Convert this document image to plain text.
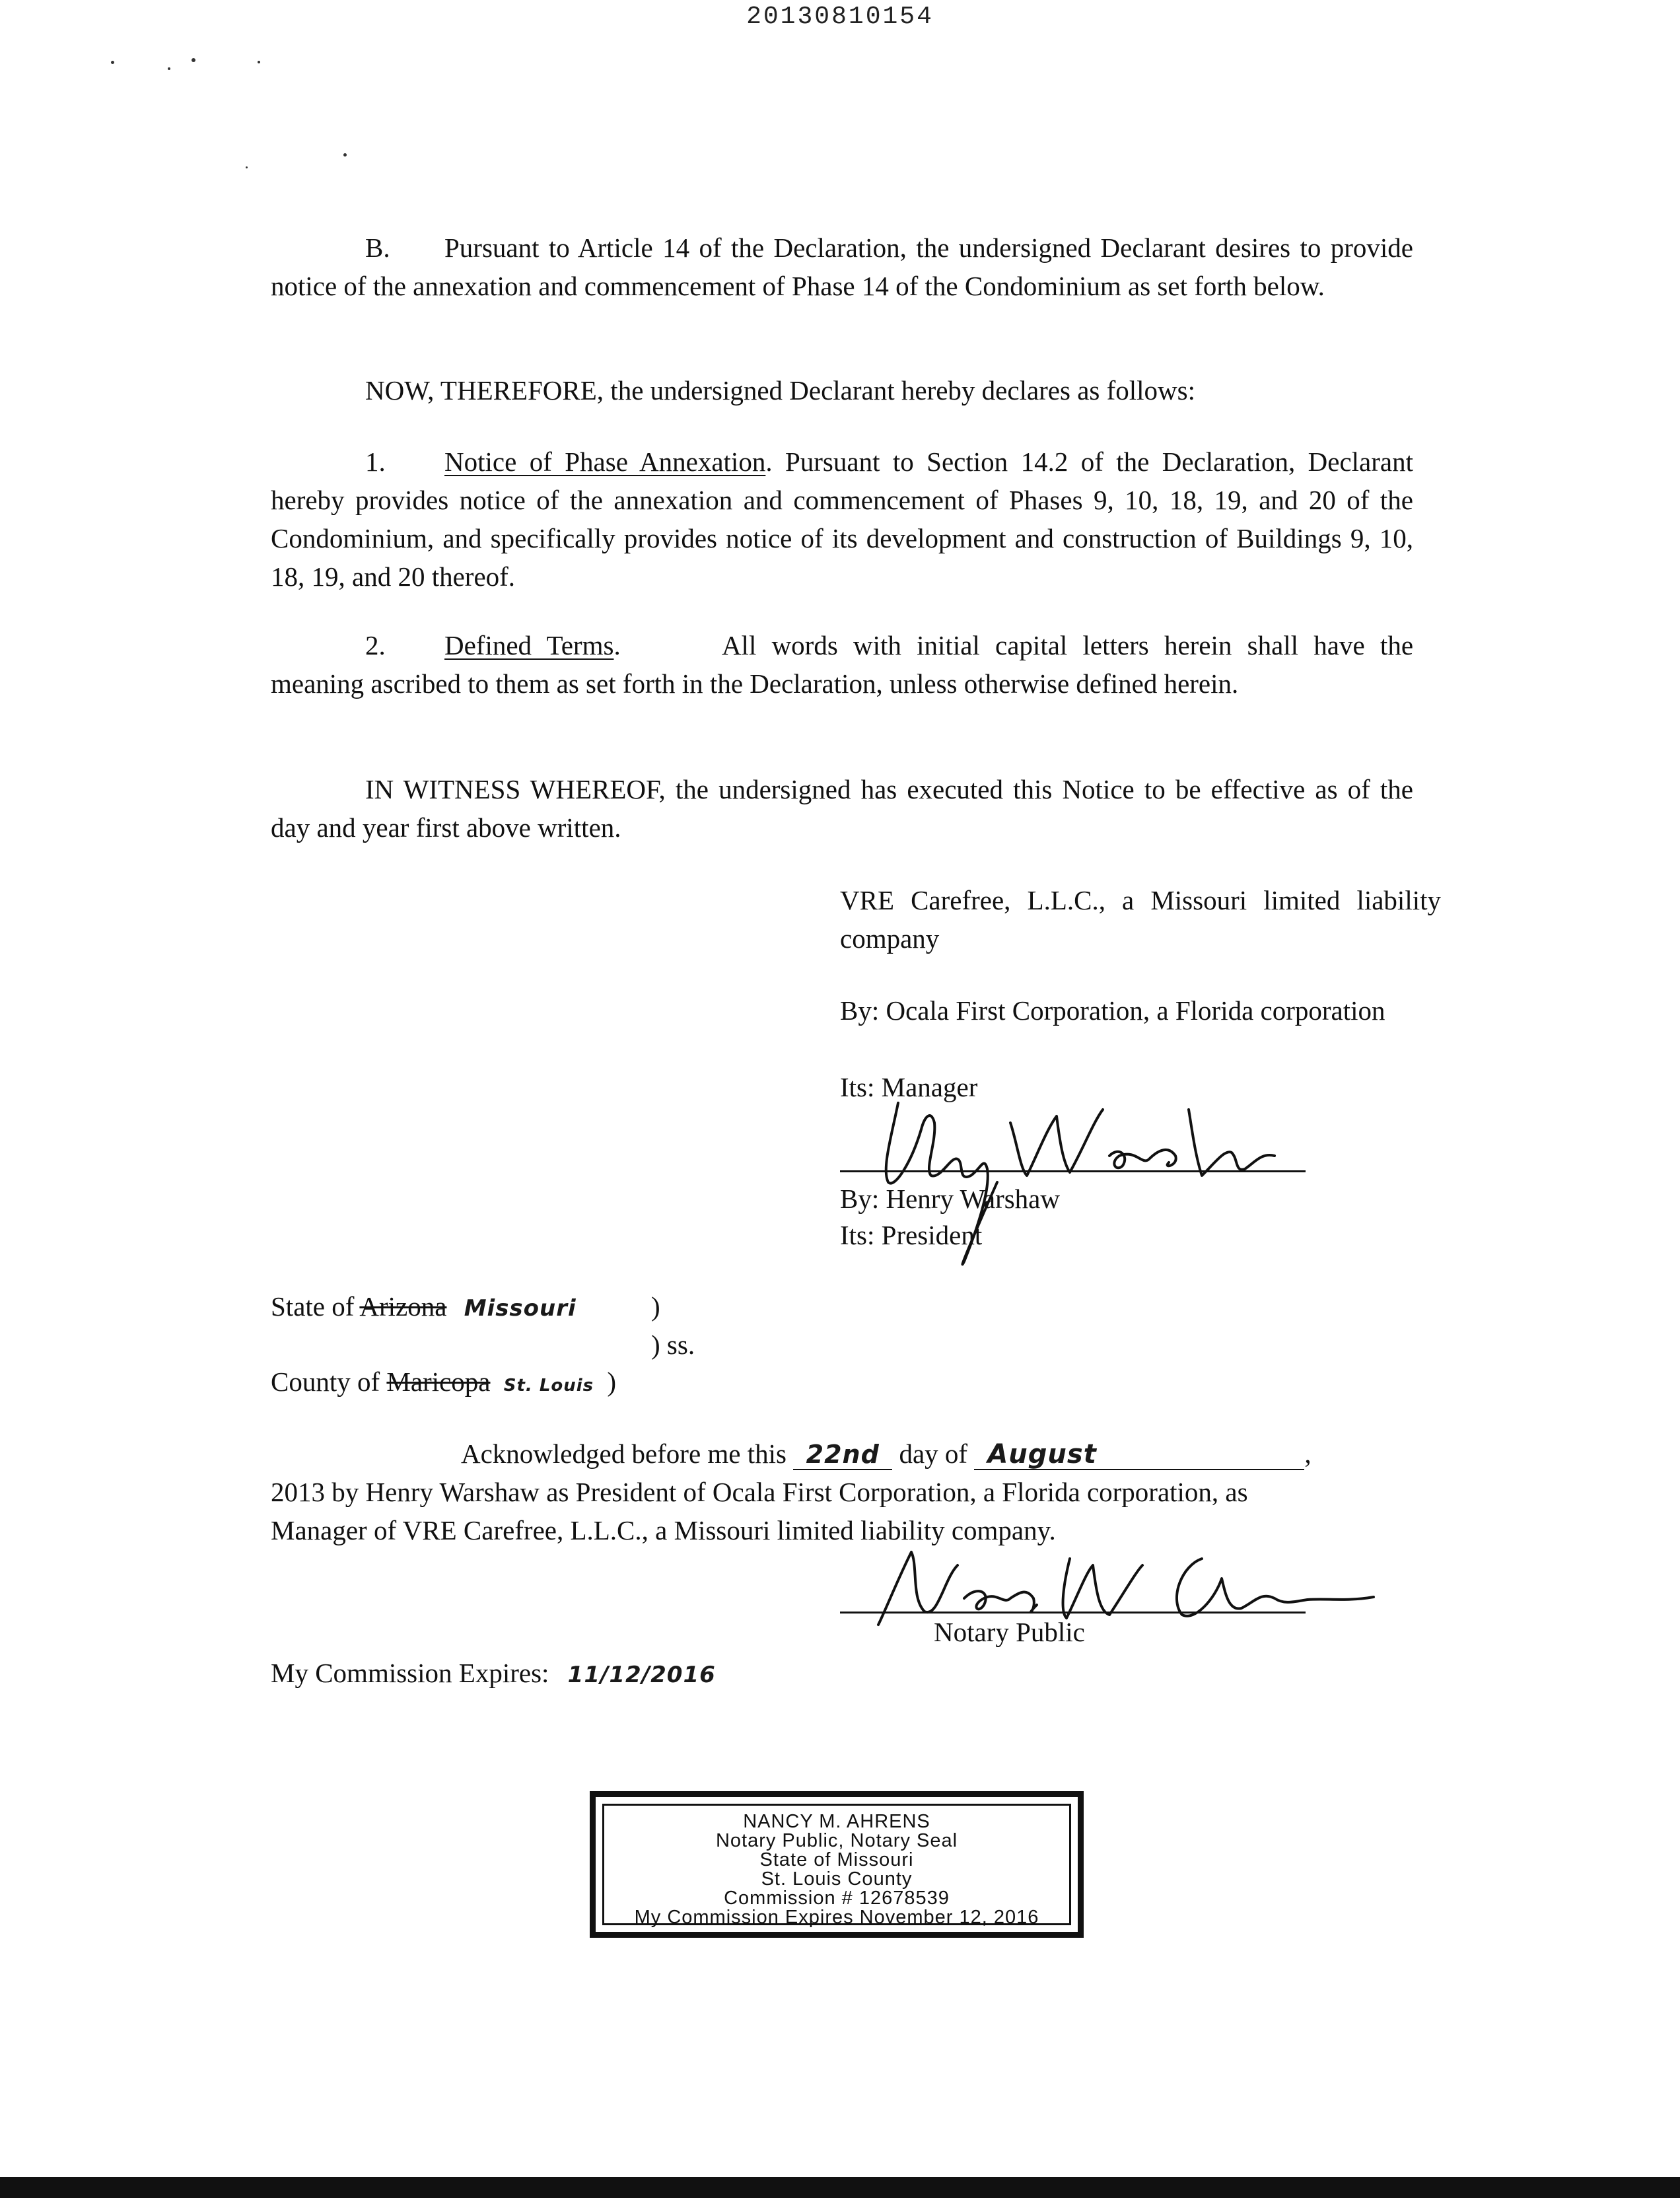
20130810154
B. Pursuant to Article 14 of the Declaration, the undersigned Declarant desires to provide notice of the annexation and commencement of Phase 14 of the Condominium as set forth below.
NOW, THEREFORE, the undersigned Declarant hereby declares as follows:
1. Notice of Phase Annexation. Pursuant to Section 14.2 of the Declaration, Declarant hereby provides notice of the annexation and commencement of Phases 9, 10, 18, 19, and 20 of the Condominium, and specifically provides notice of its development and construction of Buildings 9, 10, 18, 19, and 20 thereof.
2. Defined Terms.	All words with initial capital letters herein shall have the meaning ascribed to them as set forth in the Declaration, unless otherwise defined herein.
IN WITNESS WHEREOF, the undersigned has executed this Notice to be effective as of the day and year first above written.
VRE Carefree, L.L.C., a Missouri limited liability company
By: Ocala First Corporation, a Florida corporation
Its: Manager
By: Henry Warshaw
Its: President
State of Arizona Missouri	)
) ss.
County of Maricopa St. Louis )
Acknowledged before me this 22nd day of August	,
2013 by Henry Warshaw as President of Ocala First Corporation, a Florida corporation, as
Manager of VRE Carefree, L.L.C., a Missouri limited liability company.
Notary Public
My Commission Expires: 11/12/2016
NANCY M. AHRENS
Notary Public, Notary Seal
State of Missouri
St. Louis County
Commission # 12678539
My Commission Expires November 12, 2016
